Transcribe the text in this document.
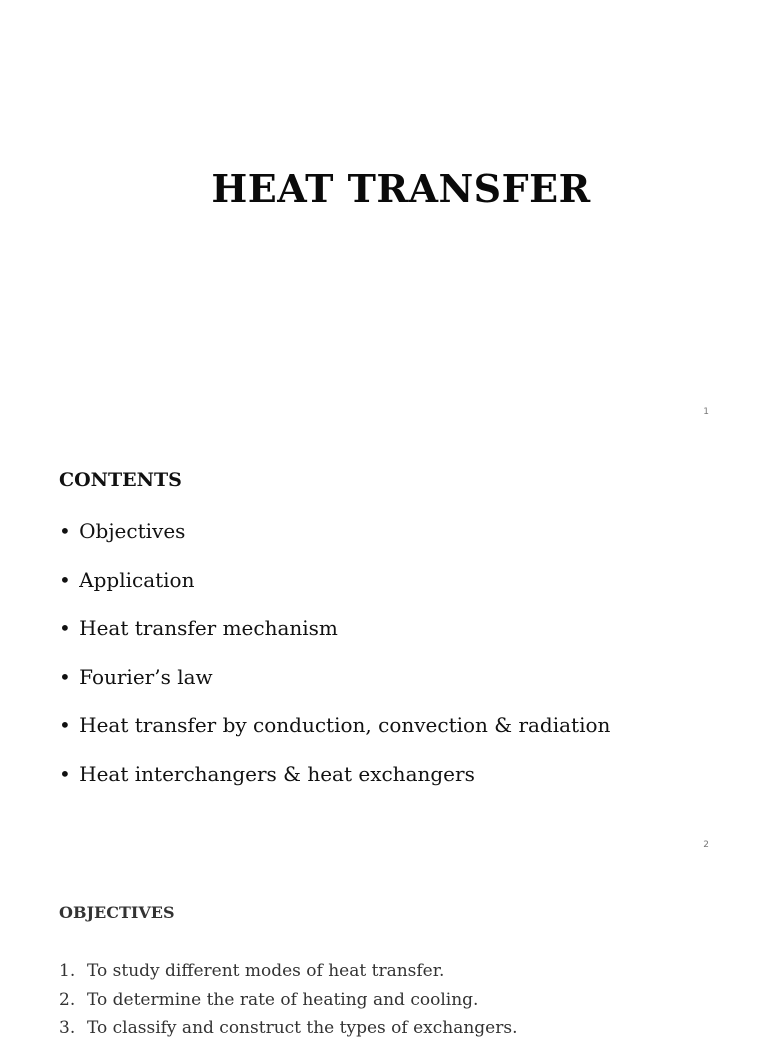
HEAT TRANSFER
1
CONTENTS
• Objectives
• Application
• Heat transfer mechanism
• Fourier’s law
• Heat transfer by conduction, convection & radiation
• Heat interchangers & heat exchangers
2
OBJECTIVES
1. To study different modes of heat transfer.
2. To determine the rate of heating and cooling.
3. To classify and construct the types of exchangers.
